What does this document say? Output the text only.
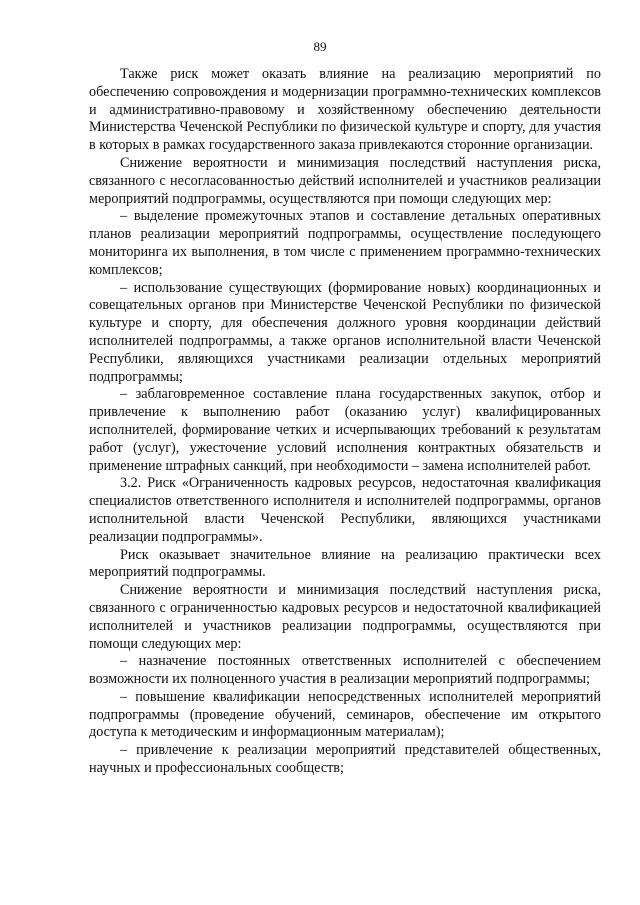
89

Также риск может оказать влияние на реализацию мероприятий по обеспечению сопровождения и модернизации программно-технических комплексов и административно-правовому и хозяйственному обеспечению деятельности Министерства Чеченской Республики по физической культуре и спорту, для участия в которых в рамках государственного заказа привлекаются сторонние организации.

Снижение вероятности и минимизация последствий наступления риска, связанного с несогласованностью действий исполнителей и участников реализации мероприятий подпрограммы, осуществляются при помощи следующих мер:

– выделение промежуточных этапов и составление детальных оперативных планов реализации мероприятий подпрограммы, осуществление последующего мониторинга их выполнения, в том числе с применением программно-технических комплексов;

– использование существующих (формирование новых) координационных и совещательных органов при Министерстве Чеченской Республики по физической культуре и спорту, для обеспечения должного уровня координации действий исполнителей подпрограммы, а также органов исполнительной власти Чеченской Республики, являющихся участниками реализации отдельных мероприятий подпрограммы;

– заблаговременное составление плана государственных закупок, отбор и привлечение к выполнению работ (оказанию услуг) квалифицированных исполнителей, формирование четких и исчерпывающих требований к результатам работ (услуг), ужесточение условий исполнения контрактных обязательств и применение штрафных санкций, при необходимости – замена исполнителей работ.

3.2. Риск «Ограниченность кадровых ресурсов, недостаточная квалификация специалистов ответственного исполнителя и исполнителей подпрограммы, органов исполнительной власти Чеченской Республики, являющихся участниками реализации подпрограммы».

Риск оказывает значительное влияние на реализацию практически всех мероприятий подпрограммы.

Снижение вероятности и минимизация последствий наступления риска, связанного с ограниченностью кадровых ресурсов и недостаточной квалификацией исполнителей и участников реализации подпрограммы, осуществляются при помощи следующих мер:

– назначение постоянных ответственных исполнителей с обеспечением возможности их полноценного участия в реализации мероприятий подпрограммы;

– повышение квалификации непосредственных исполнителей мероприятий подпрограммы (проведение обучений, семинаров, обеспечение им открытого доступа к методическим и информационным материалам);

– привлечение к реализации мероприятий представителей общественных, научных и профессиональных сообществ;
